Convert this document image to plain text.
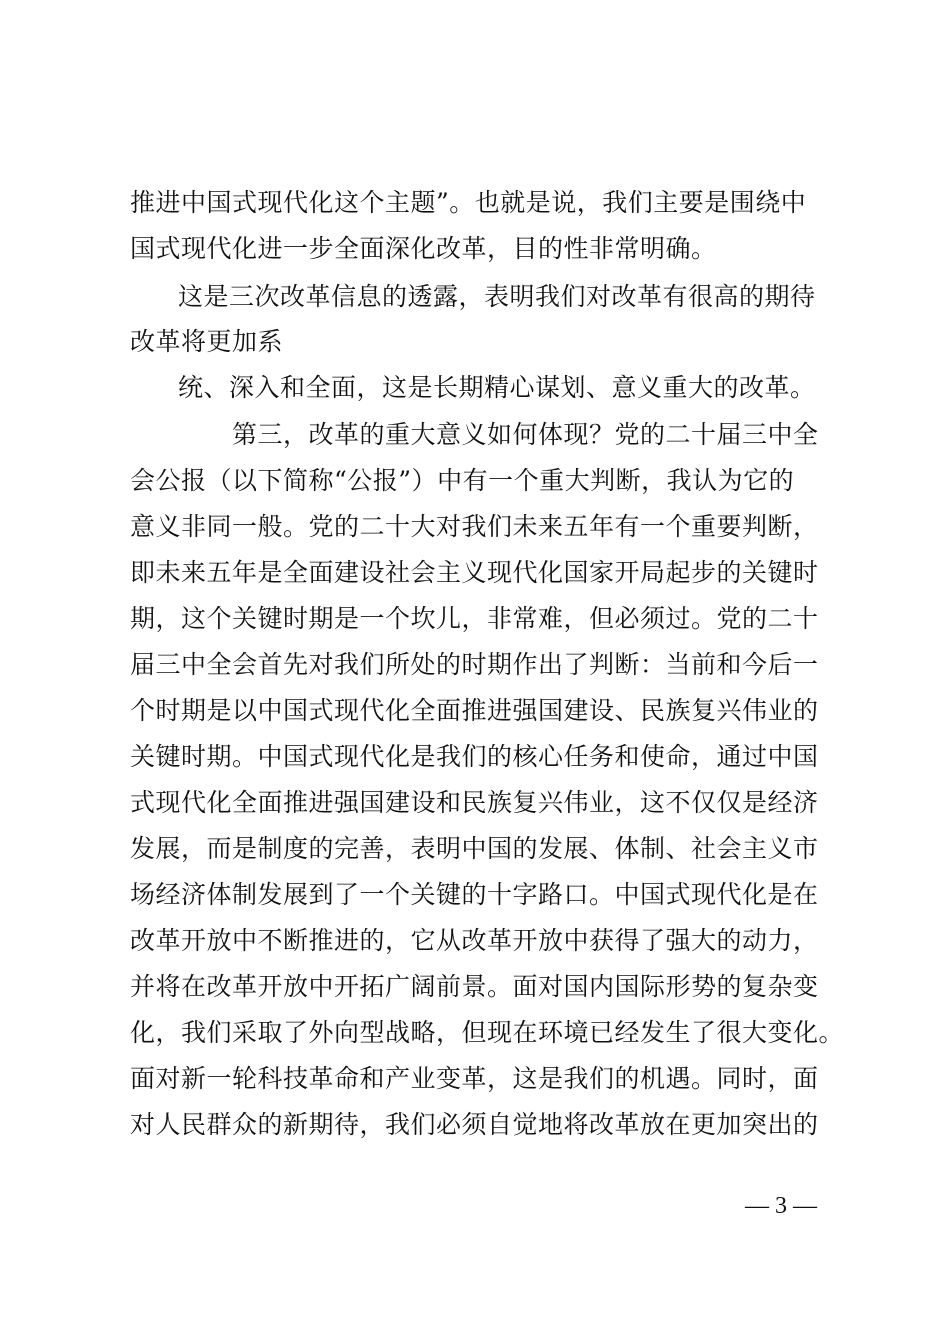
推进中国式现代化这个主题”。也就是说，我们主要是围绕中
国式现代化进一步全面深化改革，目的性非常明确。
这是三次改革信息的透露，表明我们对改革有很高的期待
改革将更加系
统、深入和全面，这是长期精心谋划、意义重大的改革。
第三，改革的重大意义如何体现？党的二十届三中全
会公报（以下简称“公报”）中有一个重大判断，我认为它的
意义非同一般。党的二十大对我们未来五年有一个重要判断，
即未来五年是全面建设社会主义现代化国家开局起步的关键时
期，这个关键时期是一个坎儿，非常难，但必须过。党的二十
届三中全会首先对我们所处的时期作出了判断：当前和今后一
个时期是以中国式现代化全面推进强国建设、民族复兴伟业的
关键时期。中国式现代化是我们的核心任务和使命，通过中国
式现代化全面推进强国建设和民族复兴伟业，这不仅仅是经济
发展，而是制度的完善，表明中国的发展、体制、社会主义市
场经济体制发展到了一个关键的十字路口。中国式现代化是在
改革开放中不断推进的，它从改革开放中获得了强大的动力，
并将在改革开放中开拓广阔前景。面对国内国际形势的复杂变
化，我们采取了外向型战略，但现在环境已经发生了很大变化。
面对新一轮科技革命和产业变革，这是我们的机遇。同时，面
对人民群众的新期待，我们必须自觉地将改革放在更加突出的
— 3 —
